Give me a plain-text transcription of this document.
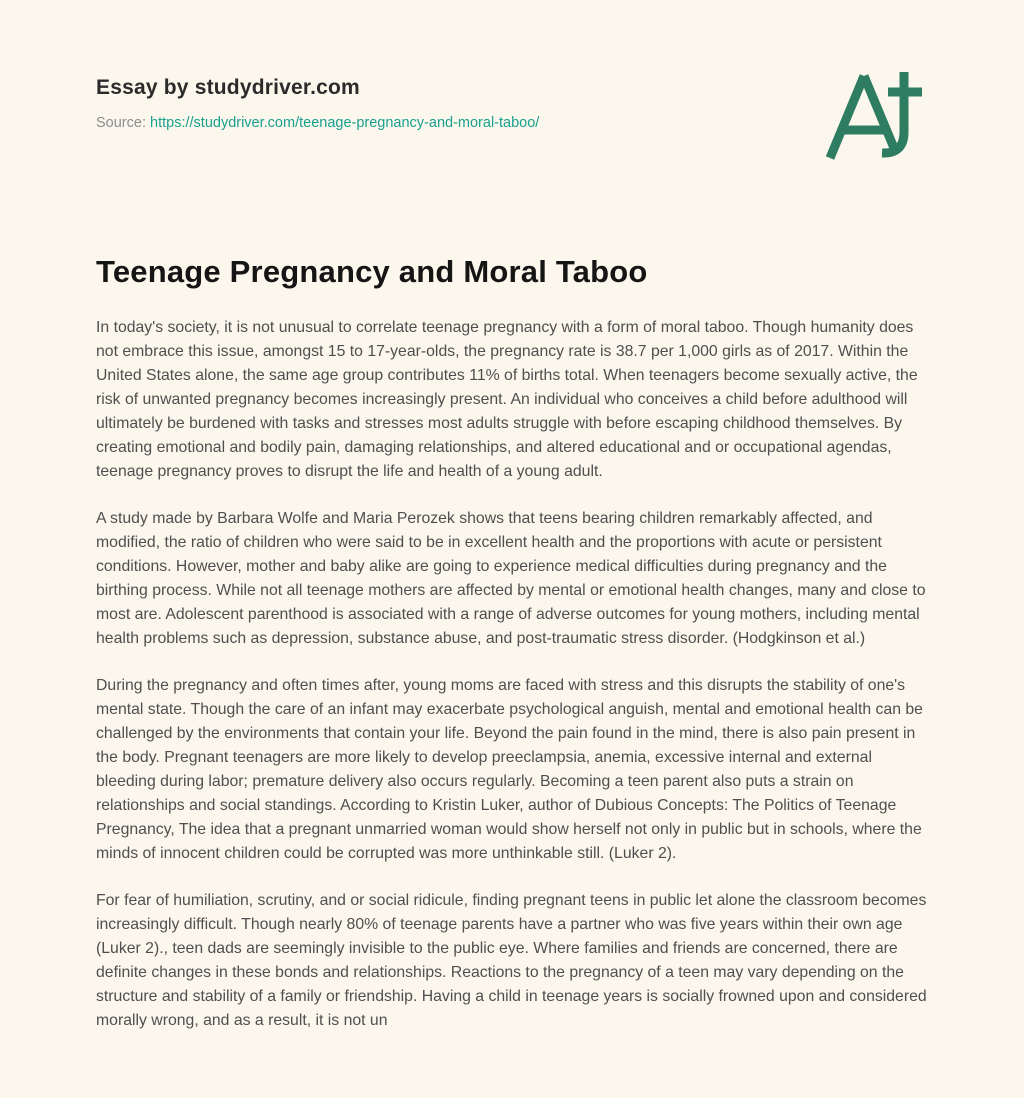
Essay by studydriver.com
Source: https://studydriver.com/teenage-pregnancy-and-moral-taboo/
Teenage Pregnancy and Moral Taboo

In today's society, it is not unusual to correlate teenage pregnancy with a form of moral taboo. Though humanity does not embrace this issue, amongst 15 to 17-year-olds, the pregnancy rate is 38.7 per 1,000 girls as of 2017. Within the United States alone, the same age group contributes 11% of births total. When teenagers become sexually active, the risk of unwanted pregnancy becomes increasingly present. An individual who conceives a child before adulthood will ultimately be burdened with tasks and stresses most adults struggle with before escaping childhood themselves. By creating emotional and bodily pain, damaging relationships, and altered educational and or occupational agendas, teenage pregnancy proves to disrupt the life and health of a young adult.

A study made by Barbara Wolfe and Maria Perozek shows that teens bearing children remarkably affected, and modified, the ratio of children who were said to be in excellent health and the proportions with acute or persistent conditions. However, mother and baby alike are going to experience medical difficulties during pregnancy and the birthing process. While not all teenage mothers are affected by mental or emotional health changes, many and close to most are. Adolescent parenthood is associated with a range of adverse outcomes for young mothers, including mental health problems such as depression, substance abuse, and post-traumatic stress disorder. (Hodgkinson et al.)

During the pregnancy and often times after, young moms are faced with stress and this disrupts the stability of one's mental state. Though the care of an infant may exacerbate psychological anguish, mental and emotional health can be challenged by the environments that contain your life. Beyond the pain found in the mind, there is also pain present in the body. Pregnant teenagers are more likely to develop preeclampsia, anemia, excessive internal and external bleeding during labor; premature delivery also occurs regularly. Becoming a teen parent also puts a strain on relationships and social standings. According to Kristin Luker, author of Dubious Concepts: The Politics of Teenage Pregnancy, The idea that a pregnant unmarried woman would show herself not only in public but in schools, where the minds of innocent children could be corrupted was more unthinkable still. (Luker 2).

For fear of humiliation, scrutiny, and or social ridicule, finding pregnant teens in public let alone the classroom becomes increasingly difficult. Though nearly 80% of teenage parents have a partner who was five years within their own age (Luker 2)., teen dads are seemingly invisible to the public eye. Where families and friends are concerned, there are definite changes in these bonds and relationships. Reactions to the pregnancy of a teen may vary depending on the structure and stability of a family or friendship. Having a child in teenage years is socially frowned upon and considered morally wrong, and as a result, it is not un
